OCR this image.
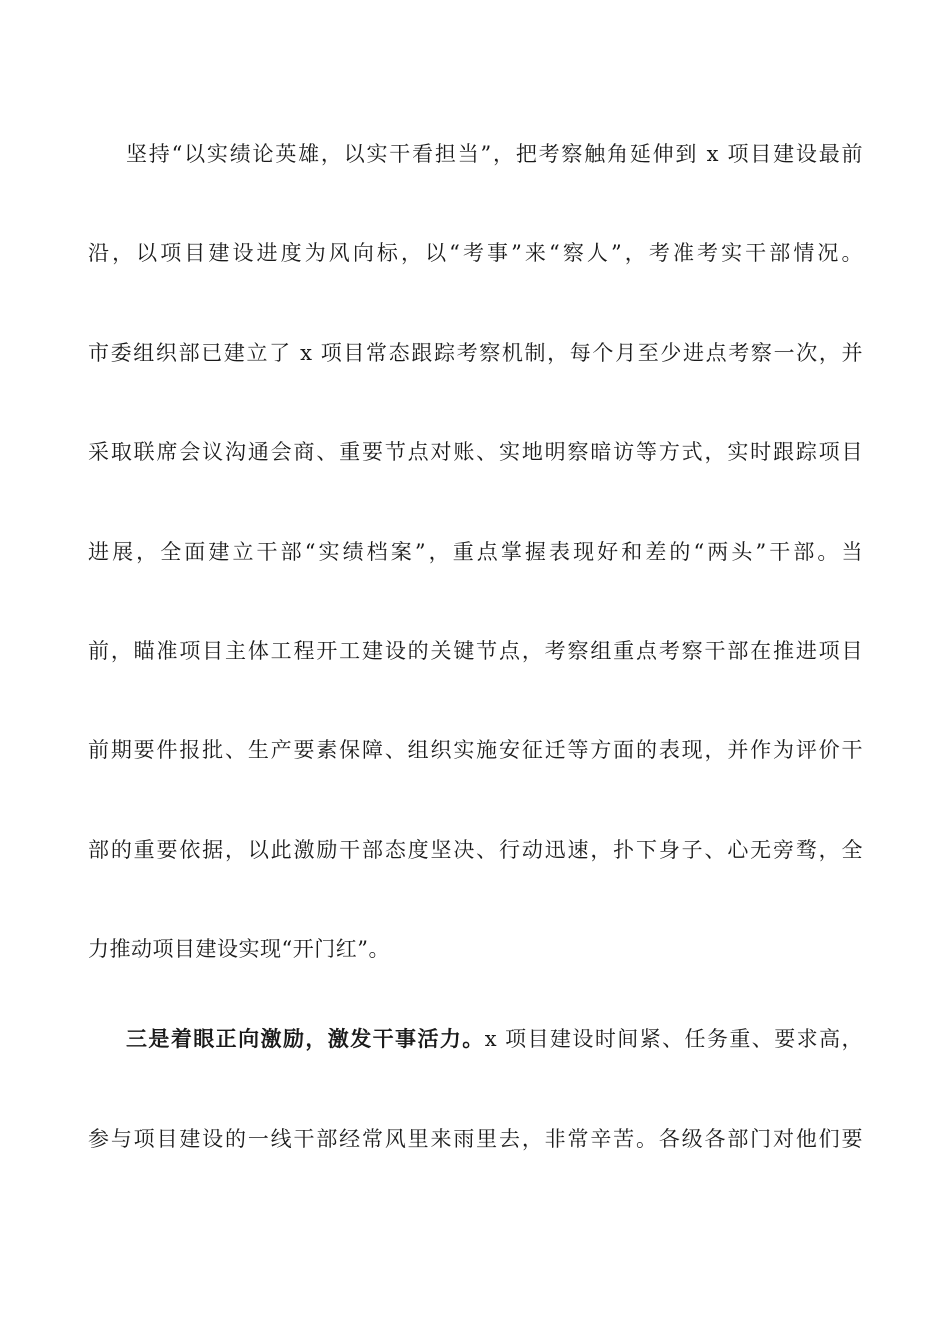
坚持“以实绩论英雄，以实干看担当”，把考察触角延伸到 x 项目建设最前

沿，以项目建设进度为风向标，以“考事”来“察人”，考准考实干部情况。

市委组织部已建立了 x 项目常态跟踪考察机制，每个月至少进点考察一次，并

采取联席会议沟通会商、重要节点对账、实地明察暗访等方式，实时跟踪项目

进展，全面建立干部“实绩档案”，重点掌握表现好和差的“两头”干部。当

前，瞄准项目主体工程开工建设的关键节点，考察组重点考察干部在推进项目

前期要件报批、生产要素保障、组织实施安征迁等方面的表现，并作为评价干

部的重要依据，以此激励干部态度坚决、行动迅速，扑下身子、心无旁骛，全

力推动项目建设实现“开门红”。

三是着眼正向激励，激发干事活力。x 项目建设时间紧、任务重、要求高，

参与项目建设的一线干部经常风里来雨里去，非常辛苦。各级各部门对他们要
